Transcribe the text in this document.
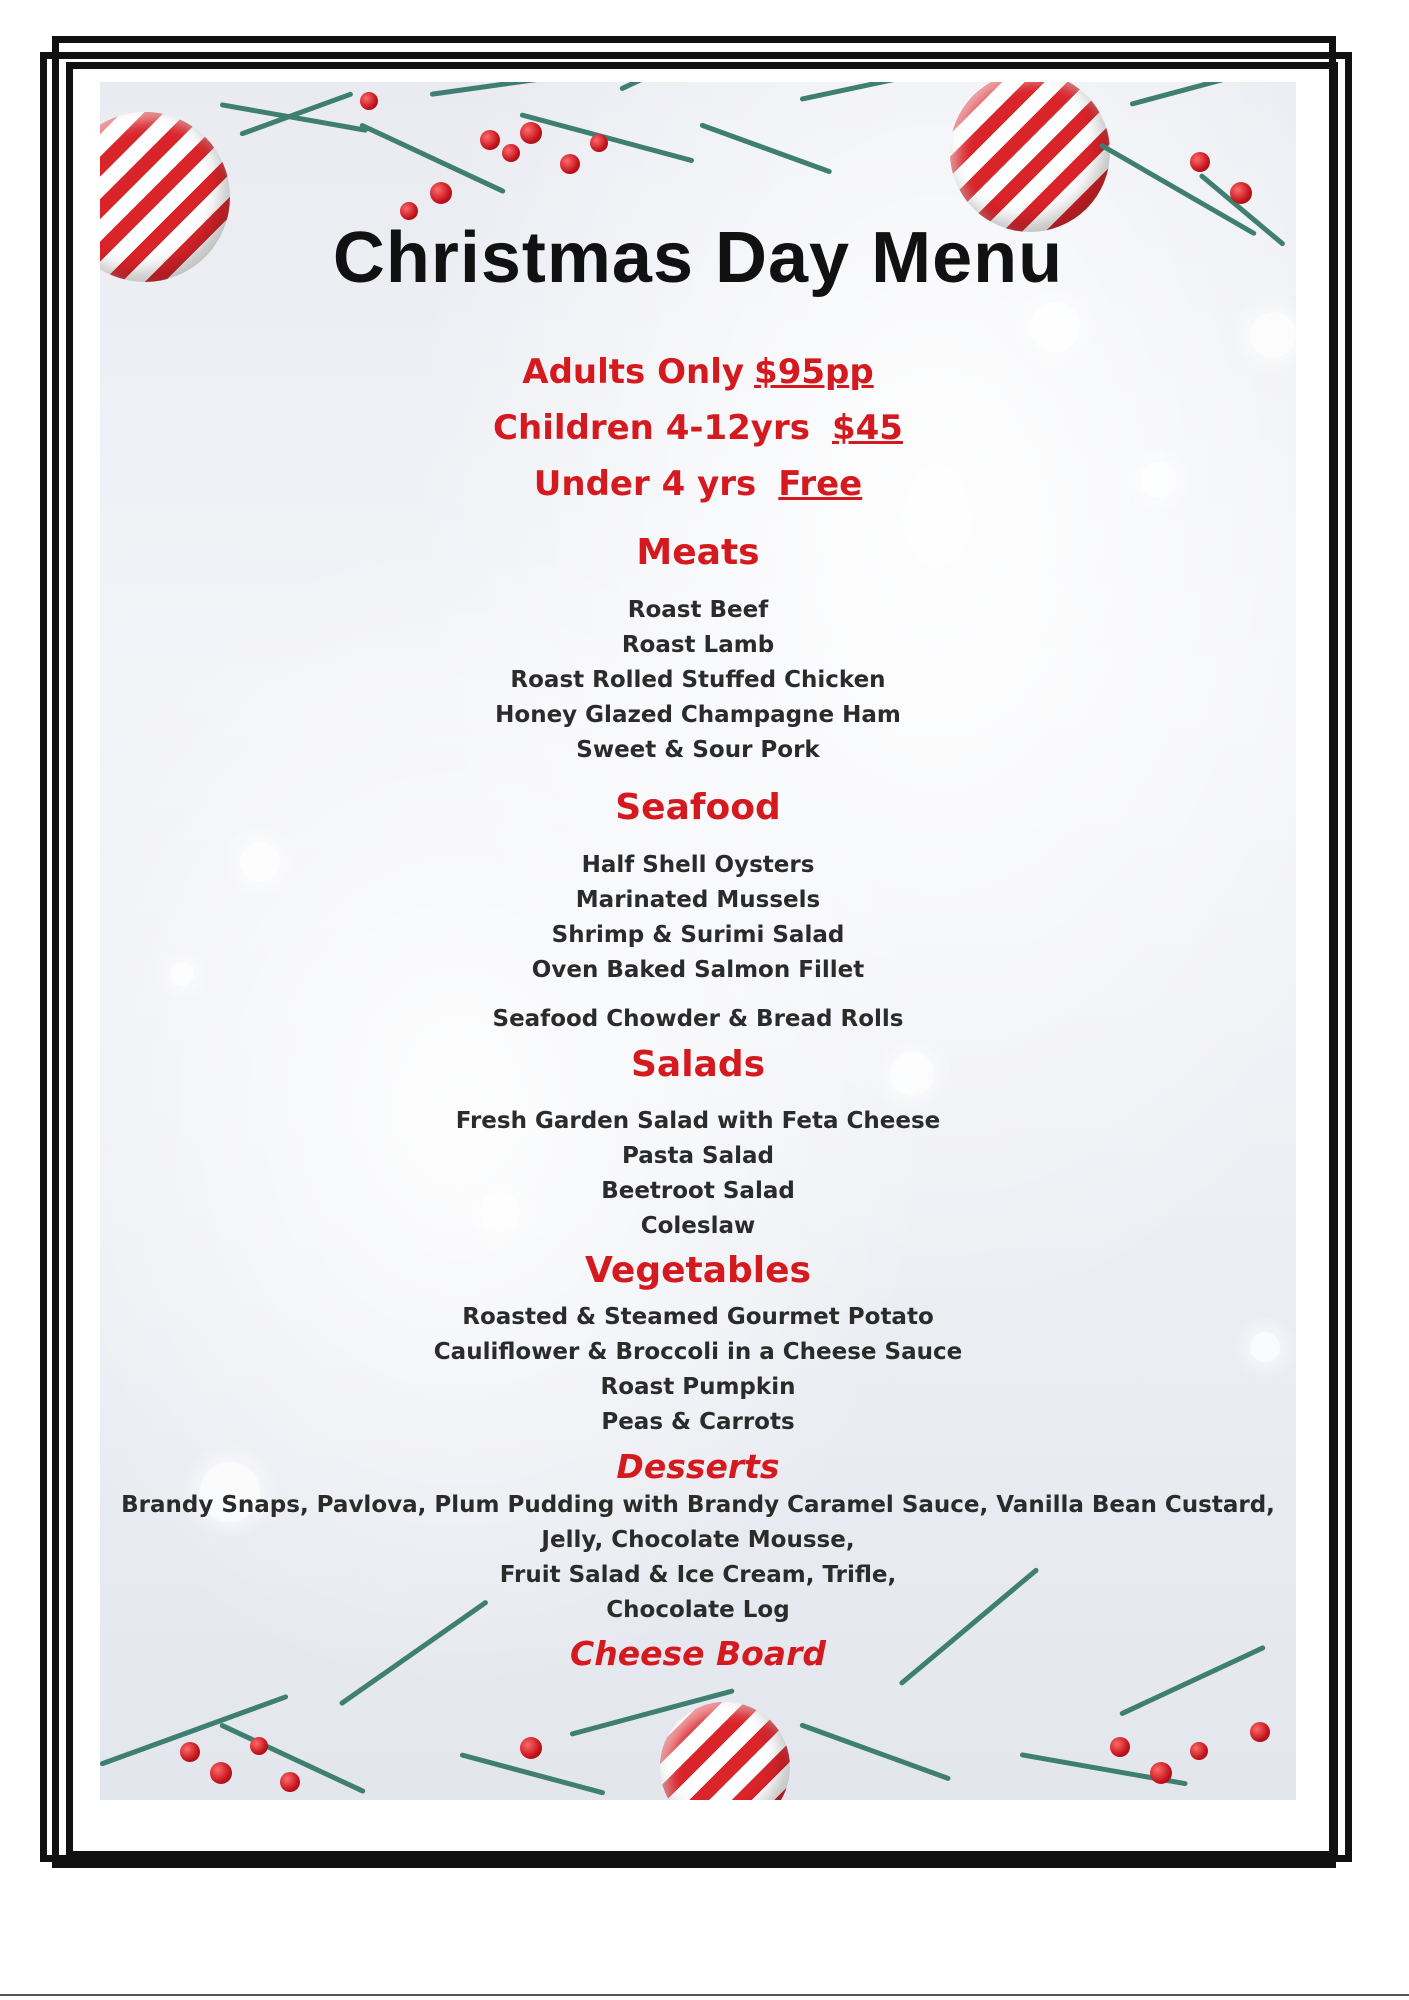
Christmas Day Menu
Adults Only $95pp
Children 4-12yrs $45
Under 4 yrs Free
Meats
Roast Beef
Roast Lamb
Roast Rolled Stuffed Chicken
Honey Glazed Champagne Ham
Sweet & Sour Pork
Seafood
Half Shell Oysters
Marinated Mussels
Shrimp & Surimi Salad
Oven Baked Salmon Fillet
Seafood Chowder & Bread Rolls
Salads
Fresh Garden Salad with Feta Cheese
Pasta Salad
Beetroot Salad
Coleslaw
Vegetables
Roasted & Steamed Gourmet Potato
Cauliflower & Broccoli in a Cheese Sauce
Roast Pumpkin
Peas & Carrots
Desserts
Brandy Snaps, Pavlova, Plum Pudding with Brandy Caramel Sauce, Vanilla Bean Custard,
Jelly, Chocolate Mousse,
Fruit Salad & Ice Cream, Trifle,
Chocolate Log
Cheese Board
